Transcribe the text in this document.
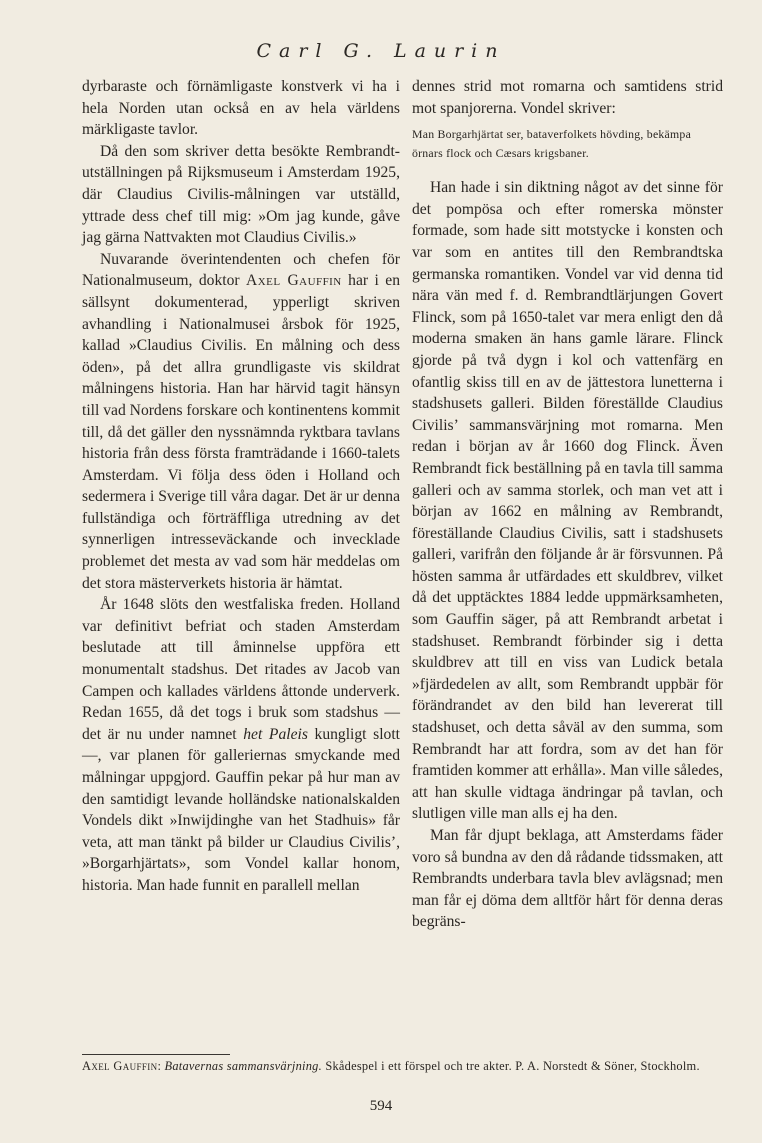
Carl G. Laurin

dyrbaraste och förnämligaste konstverk vi ha i hela Norden utan också en av hela världens märkligaste tavlor.

Då den som skriver detta besökte Rembrandt-utställningen på Rijksmuseum i Amsterdam 1925, där Claudius Civilis-målningen var utställd, yttrade dess chef till mig: »Om jag kunde, gåve jag gärna Nattvakten mot Claudius Civilis.»

Nuvarande överintendenten och chefen för Nationalmuseum, doktor Axel Gauffin har i en sällsynt dokumenterad, ypperligt skriven avhandling i Nationalmusei årsbok för 1925, kallad »Claudius Civilis. En målning och dess öden», på det allra grundligaste vis skildrat målningens historia. Han har härvid tagit hänsyn till vad Nordens forskare och kontinentens kommit till, då det gäller den nyssnämnda ryktbara tavlans historia från dess första framträdande i 1660-talets Amsterdam. Vi följa dess öden i Holland och sedermera i Sverige till våra dagar. Det är ur denna fullständiga och förträffliga utredning av det synnerligen intresseväckande och invecklade problemet det mesta av vad som här meddelas om det stora mästerverkets historia är hämtat.

År 1648 slöts den westfaliska freden. Holland var definitivt befriat och staden Amsterdam beslutade att till åminnelse uppföra ett monumentalt stadshus. Det ritades av Jacob van Campen och kallades världens åttonde underverk. Redan 1655, då det togs i bruk som stadshus — det är nu under namnet het Paleis kungligt slott —, var planen för galleriernas smyckande med målningar uppgjord. Gauffin pekar på hur man av den samtidigt levande holländske nationalskalden Vondels dikt »Inwijdinghe van het Stadhuis» får veta, att man tänkt på bilder ur Claudius Civilis’, »Borgarhjärtats», som Vondel kallar honom, historia. Man hade funnit en parallell mellan

dennes strid mot romarna och samtidens strid mot spanjorerna. Vondel skriver:

Man Borgarhjärtat ser, bataverfolkets hövding, bekämpa örnars flock och Cæsars krigsbaner.

Han hade i sin diktning något av det sinne för det pompösa och efter romerska mönster formade, som hade sitt motstycke i konsten och var som en antites till den Rembrandtska germanska romantiken. Vondel var vid denna tid nära vän med f. d. Rembrandtlärjungen Govert Flinck, som på 1650-talet var mera enligt den då moderna smaken än hans gamle lärare. Flinck gjorde på två dygn i kol och vattenfärg en ofantlig skiss till en av de jättestora lunetterna i stadshusets galleri. Bilden föreställde Claudius Civilis’ sammansvärjning mot romarna. Men redan i början av år 1660 dog Flinck. Även Rembrandt fick beställning på en tavla till samma galleri och av samma storlek, och man vet att i början av 1662 en målning av Rembrandt, föreställande Claudius Civilis, satt i stadshusets galleri, varifrån den följande år är försvunnen. På hösten samma år utfärdades ett skuldbrev, vilket då det upptäcktes 1884 ledde uppmärksamheten, som Gauffin säger, på att Rembrandt arbetat i stadshuset. Rembrandt förbinder sig i detta skuldbrev att till en viss van Ludick betala »fjärdedelen av allt, som Rembrandt uppbär för förändrandet av den bild han levererat till stadshuset, och detta såväl av den summa, som Rembrandt har att fordra, som av det han för framtiden kommer att erhålla». Man ville således, att han skulle vidtaga ändringar på tavlan, och slutligen ville man alls ej ha den.

Man får djupt beklaga, att Amsterdams fäder voro så bundna av den då rådande tidssmaken, att Rembrandts underbara tavla blev avlägsnad; men man får ej döma dem alltför hårt för denna deras begräns-

Axel Gauffin: Batavernas sammansvärjning. Skådespel i ett förspel och tre akter. P. A. Norstedt & Söner, Stockholm.
594
